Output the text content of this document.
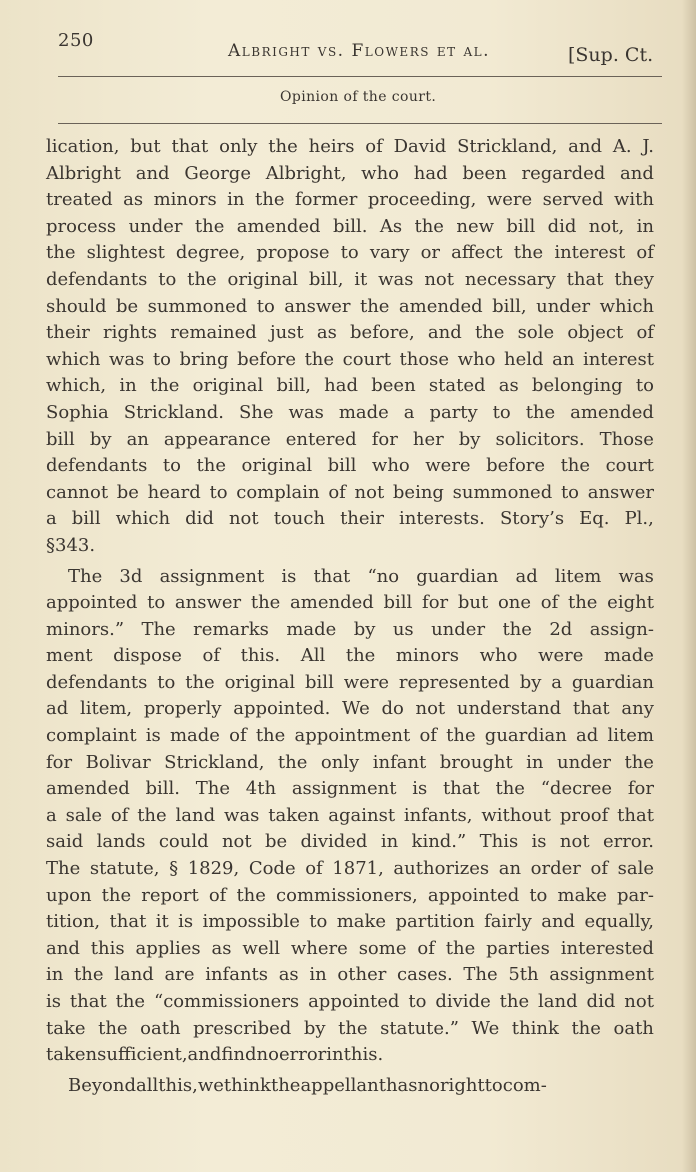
250	Albright vs. Flowers et al.	[Sup. Ct.
Opinion of the court.
lication, but that only the heirs of David Strickland, and A. J.
Albright and George Albright, who had been regarded and
treated as minors in the former proceeding, were served with
process under the amended bill. As the new bill did not, in
the slightest degree, propose to vary or affect the interest of
defendants to the original bill, it was not necessary that they
should be summoned to answer the amended bill, under which
their rights remained just as before, and the sole object of
which was to bring before the court those who held an interest
which, in the original bill, had been stated as belonging to
Sophia Strickland. She was made a party to the amended
bill by an appearance entered for her by solicitors. Those
defendants to the original bill who were before the court
cannot be heard to complain of not being summoned to answer
a bill which did not touch their interests. Story’s Eq. Pl.,
§ 343.
The 3d assignment is that “no guardian ad litem was
appointed to answer the amended bill for but one of the eight
minors.” The remarks made by us under the 2d assign-
ment dispose of this. All the minors who were made
defendants to the original bill were represented by a guardian
ad litem, properly appointed. We do not understand that any
complaint is made of the appointment of the guardian ad litem
for Bolivar Strickland, the only infant brought in under the
amended bill. The 4th assignment is that the “decree for
a sale of the land was taken against infants, without proof that
said lands could not be divided in kind.” This is not error.
The statute, § 1829, Code of 1871, authorizes an order of sale
upon the report of the commissioners, appointed to make par-
tition, that it is impossible to make partition fairly and equally,
and this applies as well where some of the parties interested
in the land are infants as in other cases. The 5th assignment
is that the “commissioners appointed to divide the land did not
take the oath prescribed by the statute.” We think the oath
taken sufficient, and find no error in this.
Beyond all this, we think the appellant has no right to com-
